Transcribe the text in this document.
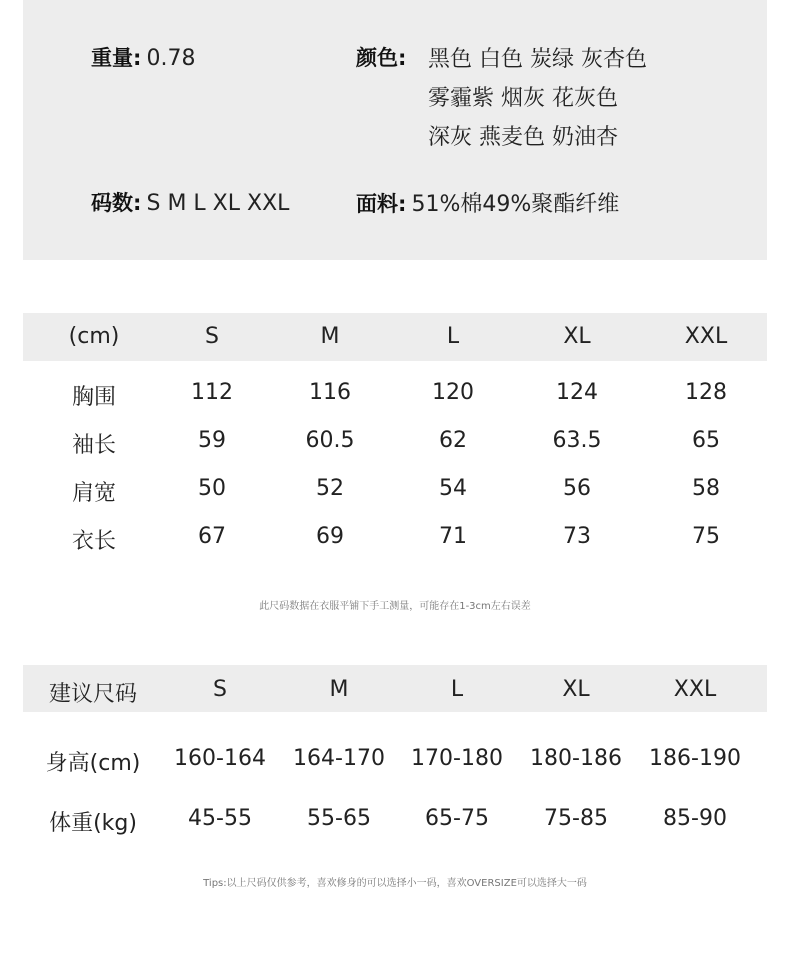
重量: 0.78	颜色: 黑色 白色 炭绿 灰杏色
雾霾紫 烟灰 花灰色
深灰 燕麦色 奶油杏
码数: S M L XL XXL	面料: 51%棉49%聚酯纤维
(cm)	S	M	L	XL	XXL
胸围	112	116	120	124	128
袖长	59	60.5	62	63.5	65
肩宽	50	52	54	56	58
衣长	67	69	71	73	75
此尺码数据在衣服平铺下手工测量，可能存在1-3cm左右误差
建议尺码	S	M	L	XL	XXL
身高(cm) 160-164 164-170 170-180 180-186 186-190
体重(kg) 45-55	55-65 65-75	75-85	85-90
Tips:以上尺码仅供参考，喜欢修身的可以选择小一码，喜欢OVERSIZE可以选择大一码
